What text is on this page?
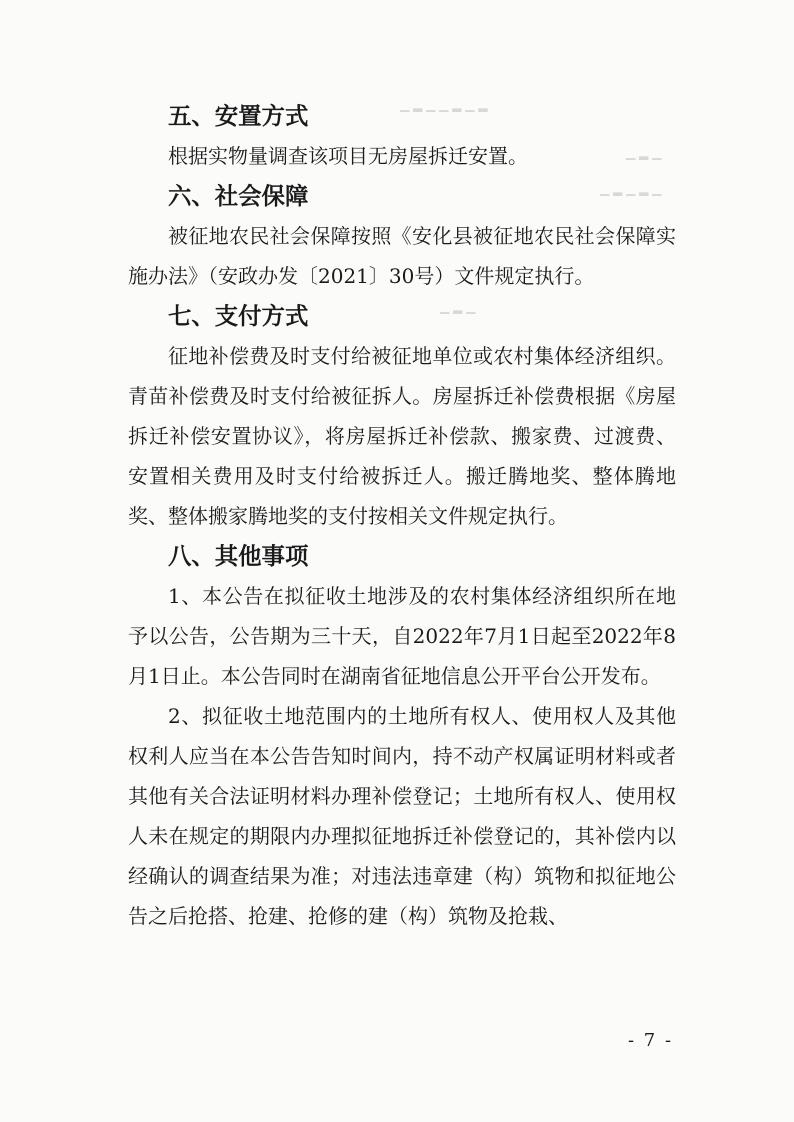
▁ ▂ ▁ ▁ ▂ ▁ ▂
▁ ▂ ▁
▁ ▂ ▁ ▂ ▁
▁ ▂ ▁
五、安置方式

根据实物量调查该项目无房屋拆迁安置。

六、社会保障

被征地农民社会保障按照《安化县被征地农民社会保障实施办法》（安政办发〔2021〕30号）文件规定执行。

七、支付方式

征地补偿费及时支付给被征地单位或农村集体经济组织。青苗补偿费及时支付给被征拆人。房屋拆迁补偿费根据《房屋拆迁补偿安置协议》，将房屋拆迁补偿款、搬家费、过渡费、安置相关费用及时支付给被拆迁人。搬迁腾地奖、整体腾地奖、整体搬家腾地奖的支付按相关文件规定执行。

八、其他事项

1、本公告在拟征收土地涉及的农村集体经济组织所在地予以公告，公告期为三十天，自2022年7月1日起至2022年8月1日止。本公告同时在湖南省征地信息公开平台公开发布。

2、拟征收土地范围内的土地所有权人、使用权人及其他权利人应当在本公告告知时间内，持不动产权属证明材料或者其他有关合法证明材料办理补偿登记；土地所有权人、使用权人未在规定的期限内办理拟征地拆迁补偿登记的，其补偿内以经确认的调查结果为准；对违法违章建（构）筑物和拟征地公告之后抢搭、抢建、抢修的建（构）筑物及抢栽、

- 7 -
